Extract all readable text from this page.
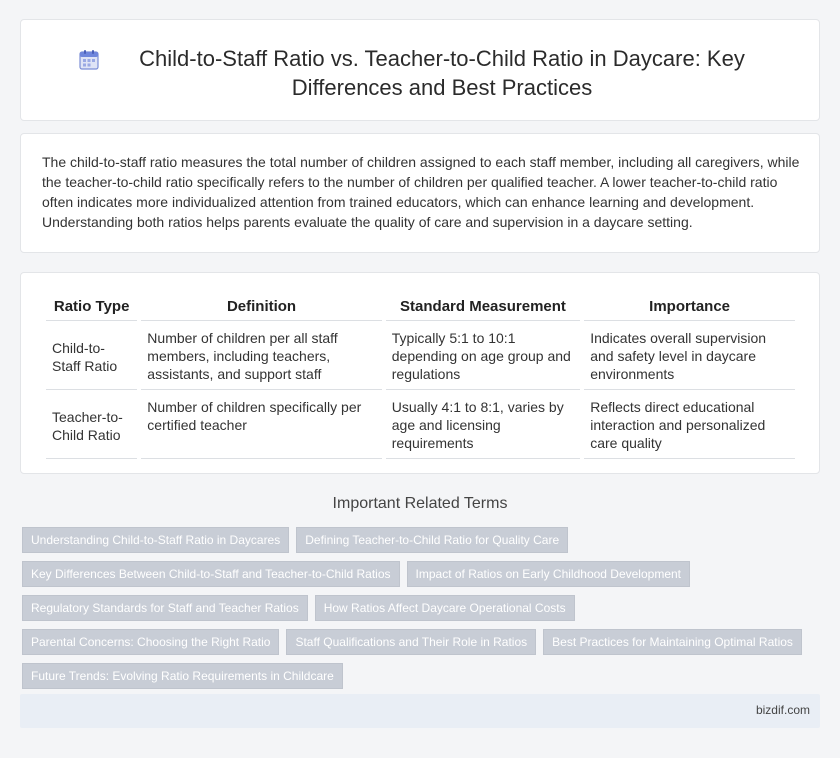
Child-to-Staff Ratio vs. Teacher-to-Child Ratio in Daycare: Key Differences and Best Practices

The child-to-staff ratio measures the total number of children assigned to each staff member, including all caregivers, while the teacher-to-child ratio specifically refers to the number of children per qualified teacher. A lower teacher-to-child ratio often indicates more individualized attention from trained educators, which can enhance learning and development. Understanding both ratios helps parents evaluate the quality of care and supervision in a daycare setting.

Ratio Type	Definition	Standard Measurement	Importance
Child-to-Staff Ratio	Number of children per all staff members, including teachers, assistants, and support staff	Typically 5:1 to 10:1 depending on age group and regulations	Indicates overall supervision and safety level in daycare environments
Teacher-to-Child Ratio	Number of children specifically per certified teacher	Usually 4:1 to 8:1, varies by age and licensing requirements	Reflects direct educational interaction and personalized care quality
Important Related Terms
Understanding Child-to-Staff Ratio in Daycares	Defining Teacher-to-Child Ratio for Quality Care
Key Differences Between Child-to-Staff and Teacher-to-Child Ratios	Impact of Ratios on Early Childhood Development
Regulatory Standards for Staff and Teacher Ratios	How Ratios Affect Daycare Operational Costs
Parental Concerns: Choosing the Right Ratio	Staff Qualifications and Their Role in Ratios	Best Practices for Maintaining Optimal Ratios
Future Trends: Evolving Ratio Requirements in Childcare
bizdif.com
